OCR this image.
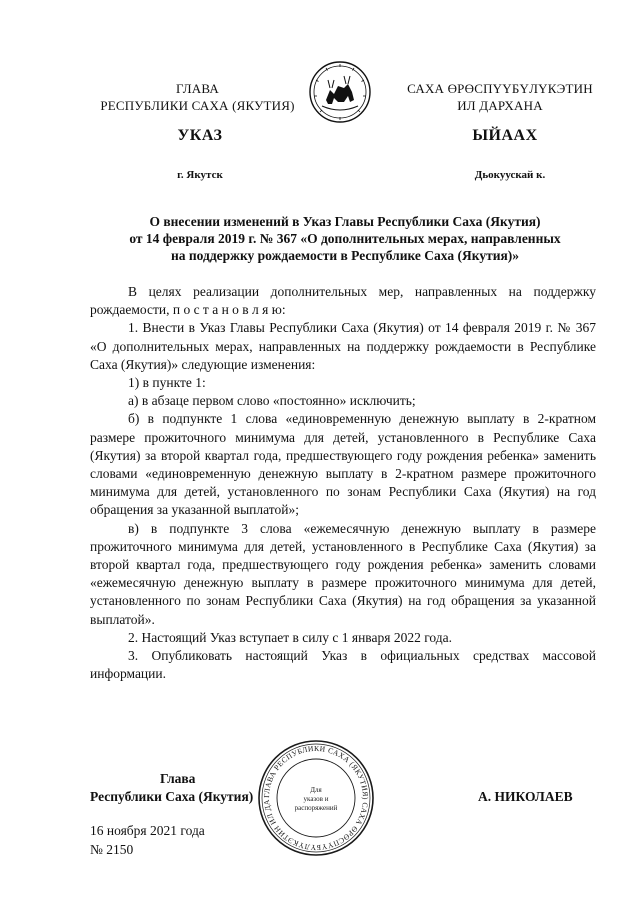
ГЛАВА
РЕСПУБЛИКИ САХА (ЯКУТИЯ)
САХА ӨРӨСПҮҮБҮЛҮКЭТИН
ИЛ ДАРХАНА
УКАЗ	ЫЙААХ
г. Якутск	Дьокуускай к.
О внесении изменений в Указ Главы Республики Саха (Якутия)
от 14 февраля 2019 г. № 367 «О дополнительных мерах, направленных
на поддержку рождаемости в Республике Саха (Якутия)»

В целях реализации дополнительных мер, направленных на поддержку рождаемости, п о с т а н о в л я ю:

1. Внести в Указ Главы Республики Саха (Якутия) от 14 февраля 2019 г. № 367 «О дополнительных мерах, направленных на поддержку рождаемости в Республике Саха (Якутия)» следующие изменения:

1) в пункте 1:

а) в абзаце первом слово «постоянно» исключить;

б) в подпункте 1 слова «единовременную денежную выплату в 2-кратном размере прожиточного минимума для детей, установленного в Республике Саха (Якутия) за второй квартал года, предшествующего году рождения ребенка» заменить словами «единовременную денежную выплату в 2-кратном размере прожиточного минимума для детей, установленного по зонам Республики Саха (Якутия) на год обращения за указанной выплатой»;

в) в подпункте 3 слова «ежемесячную денежную выплату в размере прожиточного минимума для детей, установленного в Республике Саха (Якутия) за второй квартал года, предшествующего году рождения ребенка» заменить словами «ежемесячную денежную выплату в размере прожиточного минимума для детей, установленного по зонам Республики Саха (Якутия) на год обращения за указанной выплатой».

2. Настоящий Указ вступает в силу с 1 января 2022 года.

3. Опубликовать настоящий Указ в официальных средствах массовой информации.

ГЛАВА РЕСПУБЛИКИ САХА (ЯКУТИЯ) САХА ӨРӨСПҮҮБҮЛҮКЭТИН ИЛ ДА
Для
указов и
распоряжений
Глава
Республики Саха (Якутия)	А. НИКОЛАЕВ
16 ноября 2021 года
№ 2150
